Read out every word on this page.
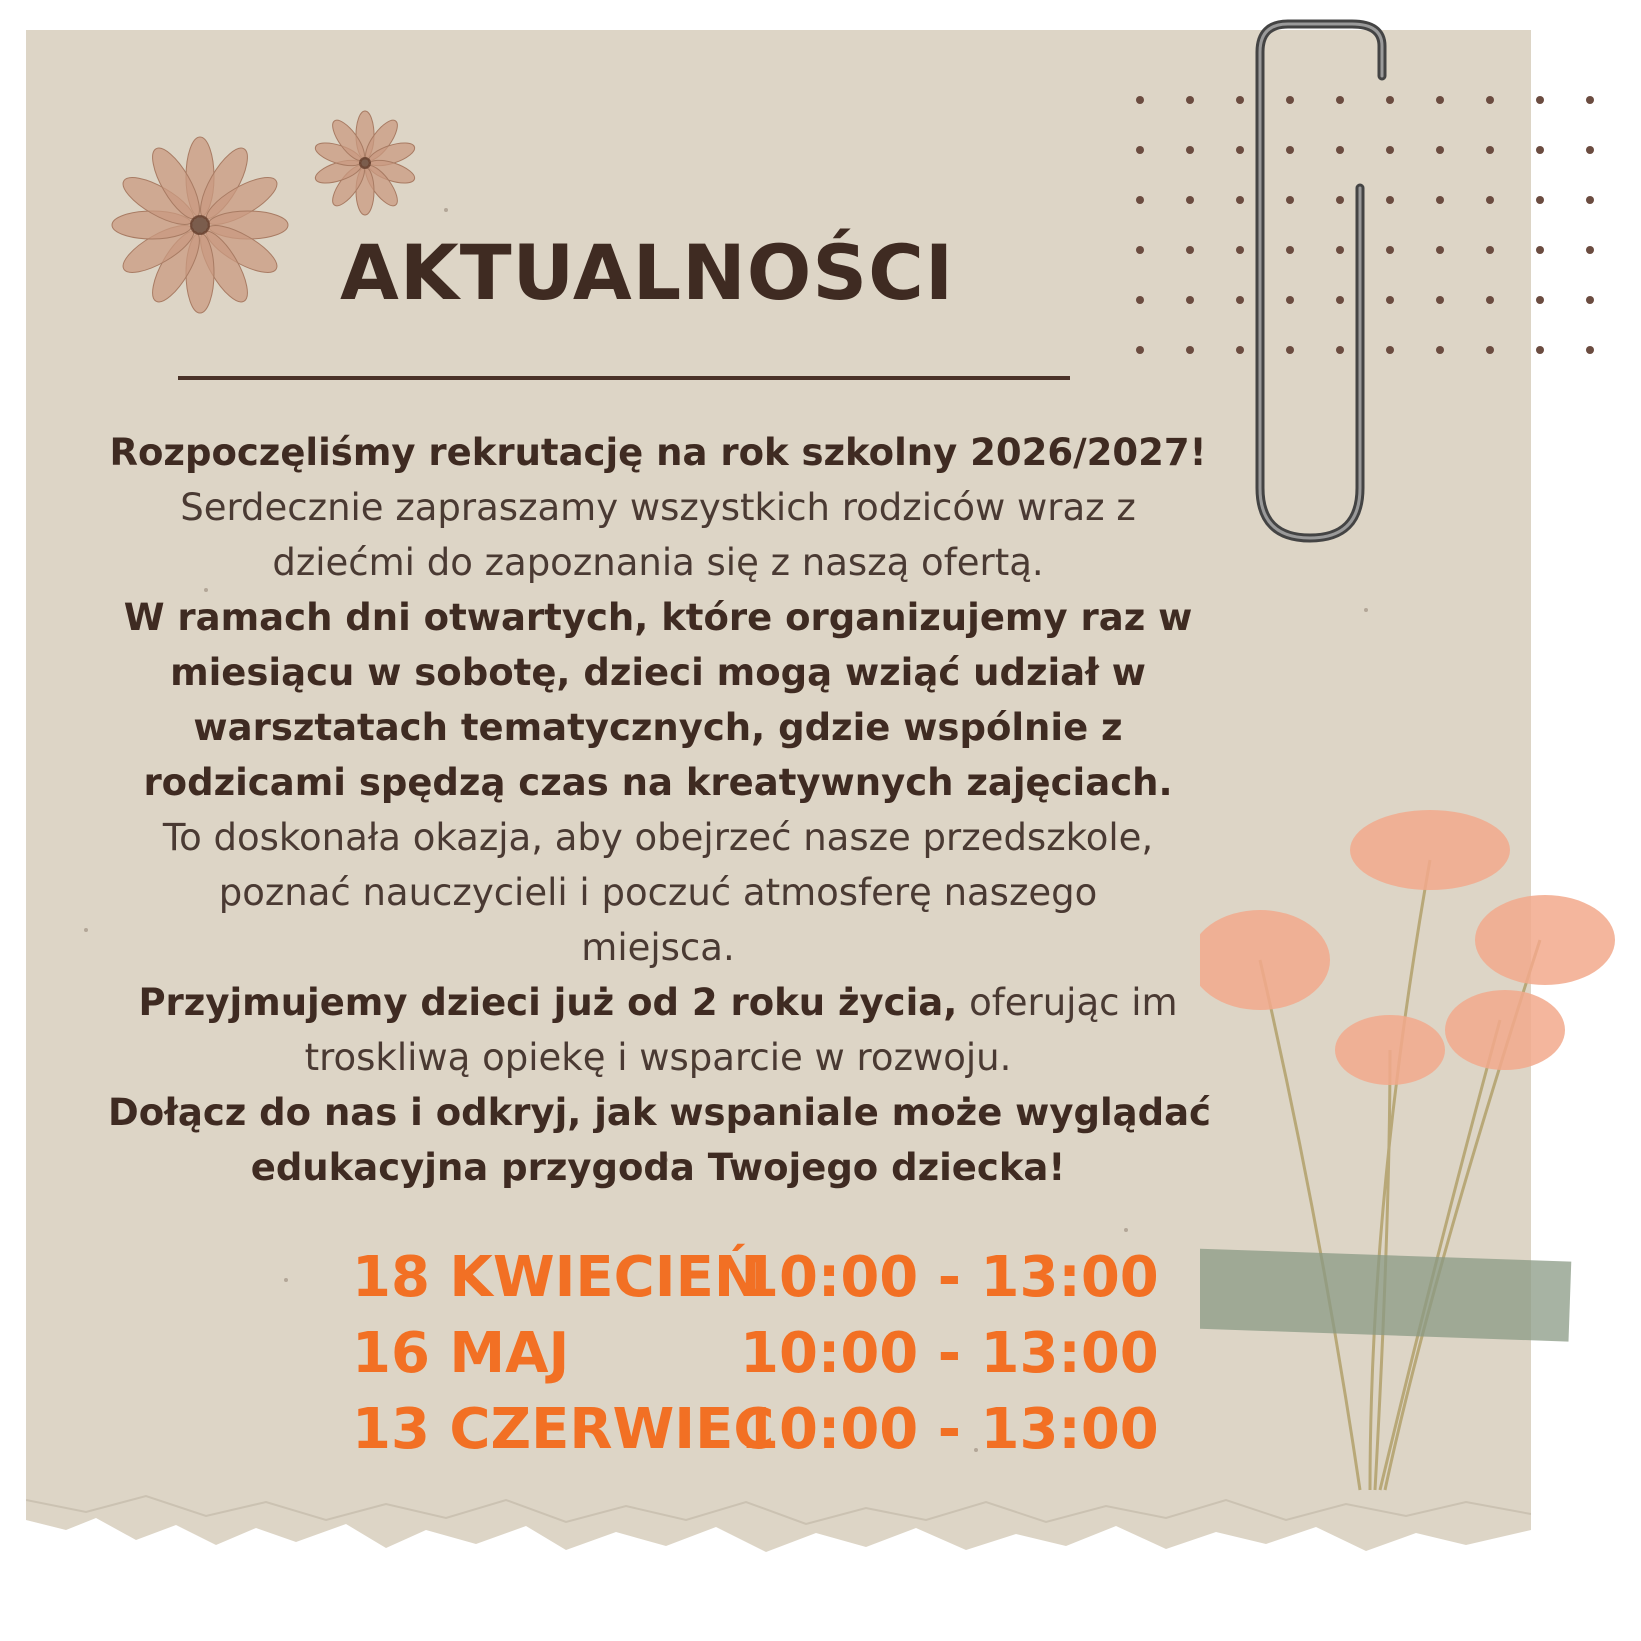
AKTUALNOŚCI
Rozpoczęliśmy rekrutację na rok szkolny 2026/2027!
Serdecznie zapraszamy wszystkich rodziców wraz z
dziećmi do zapoznania się z naszą ofertą.
W ramach dni otwartych, które organizujemy raz w
miesiącu w sobotę, dzieci mogą wziąć udział w
warsztatach tematycznych, gdzie wspólnie z
rodzicami spędzą czas na kreatywnych zajęciach.
To doskonała okazja, aby obejrzeć nasze przedszkole,
poznać nauczycieli i poczuć atmosferę naszego
miejsca.
Przyjmujemy dzieci już od 2 roku życia, oferując im
troskliwą opiekę i wsparcie w rozwoju.
Dołącz do nas i odkryj, jak wspaniale może wyglądać
edukacyjna przygoda Twojego dziecka!
18 KWIECIEŃ
10:00 - 13:00
16 MAJ	10:00 - 13:00
13 CZERWIEC
10:00 - 13:00
